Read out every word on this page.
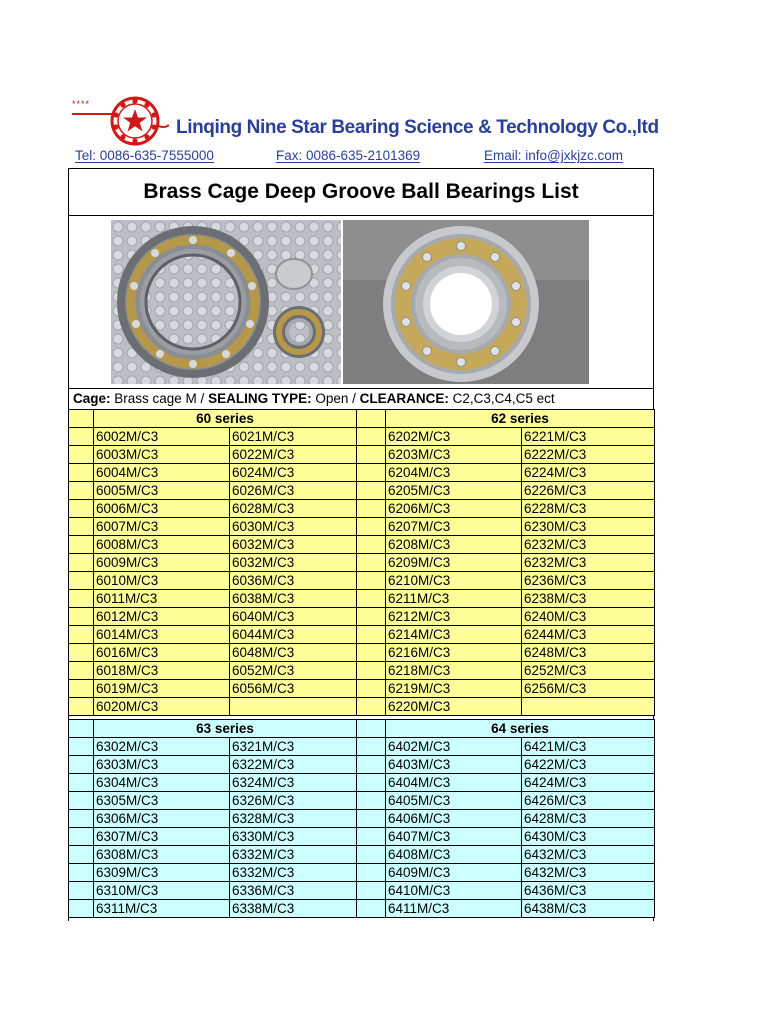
****
Linqing Nine Star Bearing Science & Technology Co.,ltd
Tel: 0086-635-7555000	Fax: 0086-635-2101369	Email: info@jxkjzc.com
Brass Cage Deep Groove Ball Bearings List
Cage: Brass cage M / SEALING TYPE: Open / CLEARANCE: C2,C3,C4,C5 ect
	60 series			62 series	
	6002M/C3	6021M/C3		6202M/C3	6221M/C3
	6003M/C3	6022M/C3		6203M/C3	6222M/C3
	6004M/C3	6024M/C3		6204M/C3	6224M/C3
	6005M/C3	6026M/C3		6205M/C3	6226M/C3
	6006M/C3	6028M/C3		6206M/C3	6228M/C3
	6007M/C3	6030M/C3		6207M/C3	6230M/C3
	6008M/C3	6032M/C3		6208M/C3	6232M/C3
	6009M/C3	6032M/C3		6209M/C3	6232M/C3
	6010M/C3	6036M/C3		6210M/C3	6236M/C3
	6011M/C3	6038M/C3		6211M/C3	6238M/C3
	6012M/C3	6040M/C3		6212M/C3	6240M/C3
	6014M/C3	6044M/C3		6214M/C3	6244M/C3
	6016M/C3	6048M/C3		6216M/C3	6248M/C3
	6018M/C3	6052M/C3		6218M/C3	6252M/C3
	6019M/C3	6056M/C3		6219M/C3	6256M/C3
	6020M/C3			6220M/C3	
	63 series			64 series	
	6302M/C3	6321M/C3		6402M/C3	6421M/C3
	6303M/C3	6322M/C3		6403M/C3	6422M/C3
	6304M/C3	6324M/C3		6404M/C3	6424M/C3
	6305M/C3	6326M/C3		6405M/C3	6426M/C3
	6306M/C3	6328M/C3		6406M/C3	6428M/C3
	6307M/C3	6330M/C3		6407M/C3	6430M/C3
	6308M/C3	6332M/C3		6408M/C3	6432M/C3
	6309M/C3	6332M/C3		6409M/C3	6432M/C3
	6310M/C3	6336M/C3		6410M/C3	6436M/C3
	6311M/C3	6338M/C3		6411M/C3	6438M/C3
